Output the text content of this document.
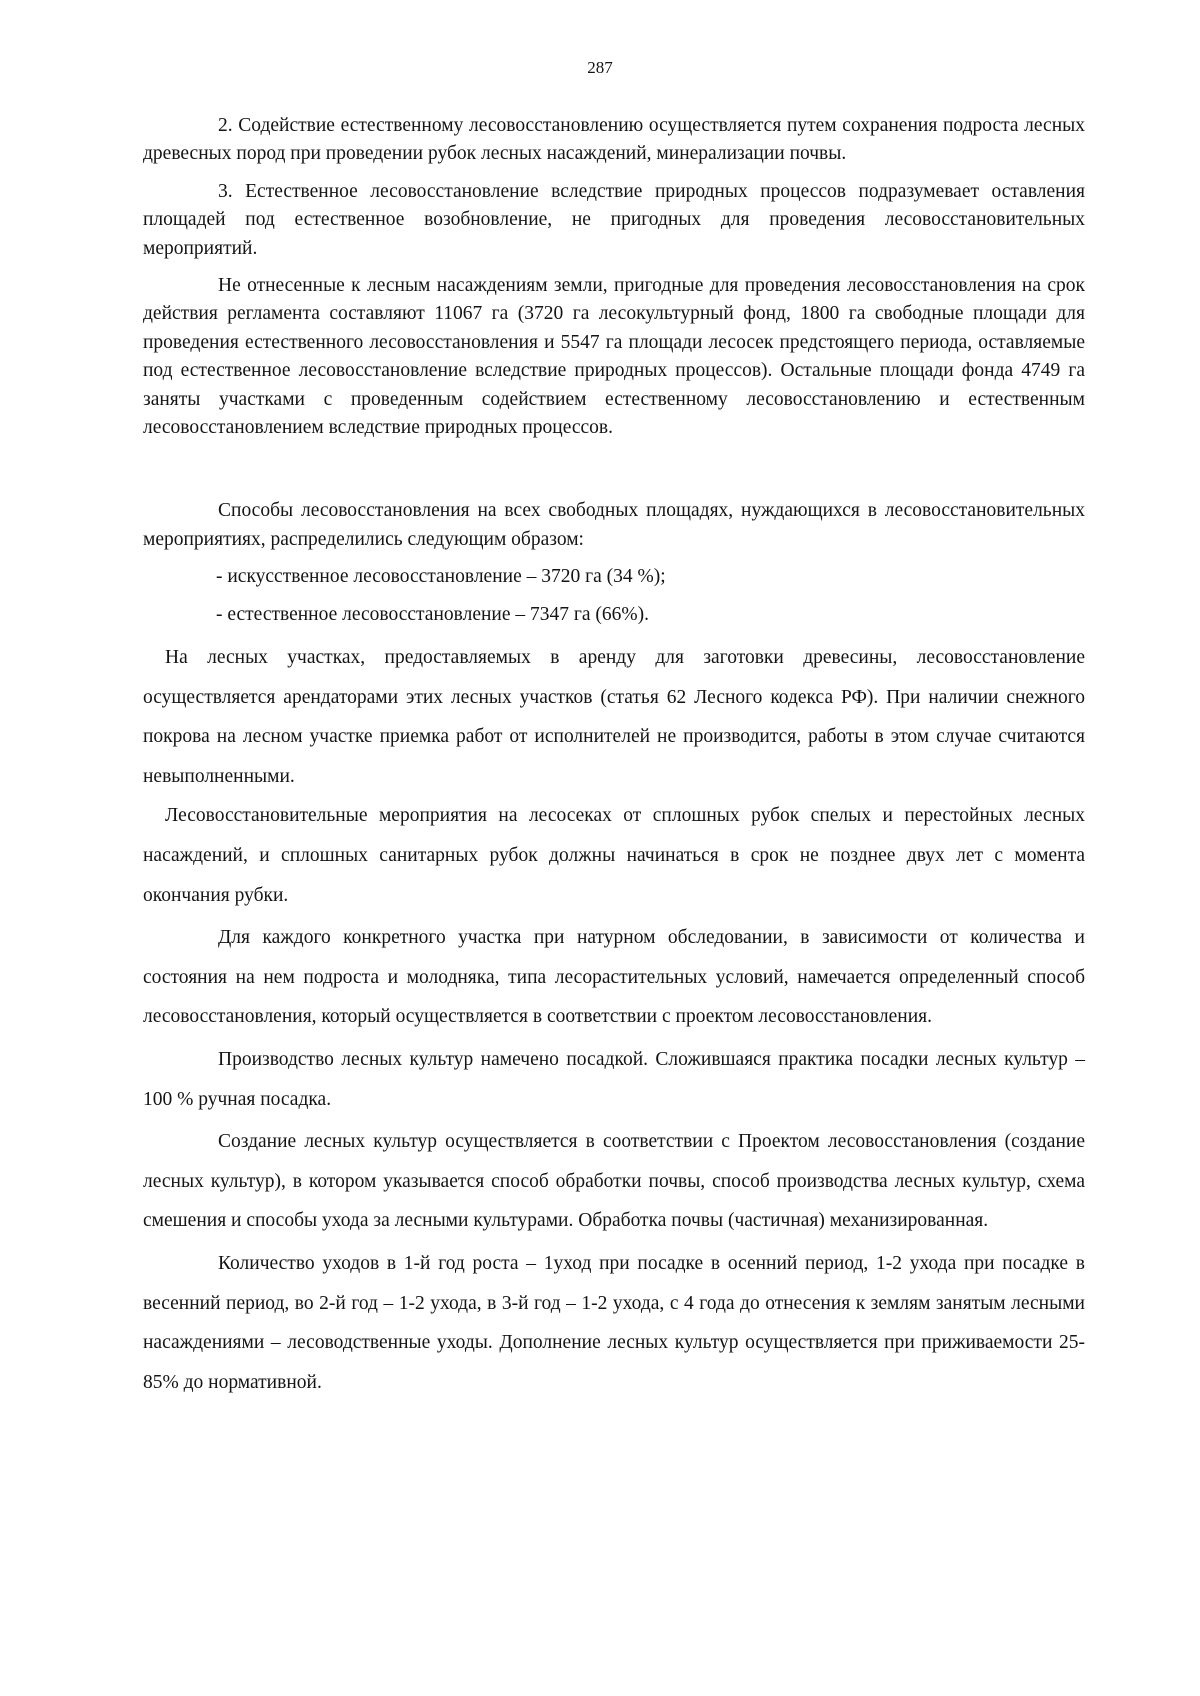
287

2. Содействие естественному лесовосстановлению осуществляется путем сохранения подроста лесных древесных пород при проведении рубок лесных насаждений, минерализации почвы.

3. Естественное лесовосстановление вследствие природных процессов подразумевает оставления площадей под естественное возобновление, не пригодных для проведения лесовосстановительных мероприятий.

Не отнесенные к лесным насаждениям земли, пригодные для проведения лесовосстановления на срок действия регламента составляют 11067 га (3720 га лесокультурный фонд, 1800 га свободные площади для проведения естественного лесовосстановления и 5547 га площади лесосек предстоящего периода, оставляемые под естественное лесовосстановление вследствие природных процессов). Остальные площади фонда 4749 га заняты участками с проведенным содействием естественному лесовосстановлению и естественным лесовосстановлением вследствие природных процессов.

Способы лесовосстановления на всех свободных площадях, нуждающихся в лесовосстановительных мероприятиях, распределились следующим образом:

- искусственное лесовосстановление – 3720 га (34 %);

- естественное лесовосстановление – 7347 га (66%).

На лесных участках, предоставляемых в аренду для заготовки древесины, лесовосстановление осуществляется арендаторами этих лесных участков (статья 62 Лесного кодекса РФ). При наличии снежного покрова на лесном участке приемка работ от исполнителей не производится, работы в этом случае считаются невыполненными.

Лесовосстановительные мероприятия на лесосеках от сплошных рубок спелых и перестойных лесных насаждений, и сплошных санитарных рубок должны начинаться в срок не позднее двух лет с момента окончания рубки.

Для каждого конкретного участка при натурном обследовании, в зависимости от количества и состояния на нем подроста и молодняка, типа лесорастительных условий, намечается определенный способ лесовосстановления, который осуществляется в соответствии с проектом лесовосстановления.

Производство лесных культур намечено посадкой. Сложившаяся практика посадки лесных культур – 100 % ручная посадка.

Создание лесных культур осуществляется в соответствии с Проектом лесовосстановления (создание лесных культур), в котором указывается способ обработки почвы, способ производства лесных культур, схема смешения и способы ухода за лесными культурами. Обработка почвы (частичная) механизированная.

Количество уходов в 1-й год роста – 1уход при посадке в осенний период, 1-2 ухода при посадке в весенний период, во 2-й год – 1-2 ухода, в 3-й год – 1-2 ухода, с 4 года до отнесения к землям занятым лесными насаждениями – лесоводственные уходы. Дополнение лесных культур осуществляется при приживаемости 25-85% до нормативной.
